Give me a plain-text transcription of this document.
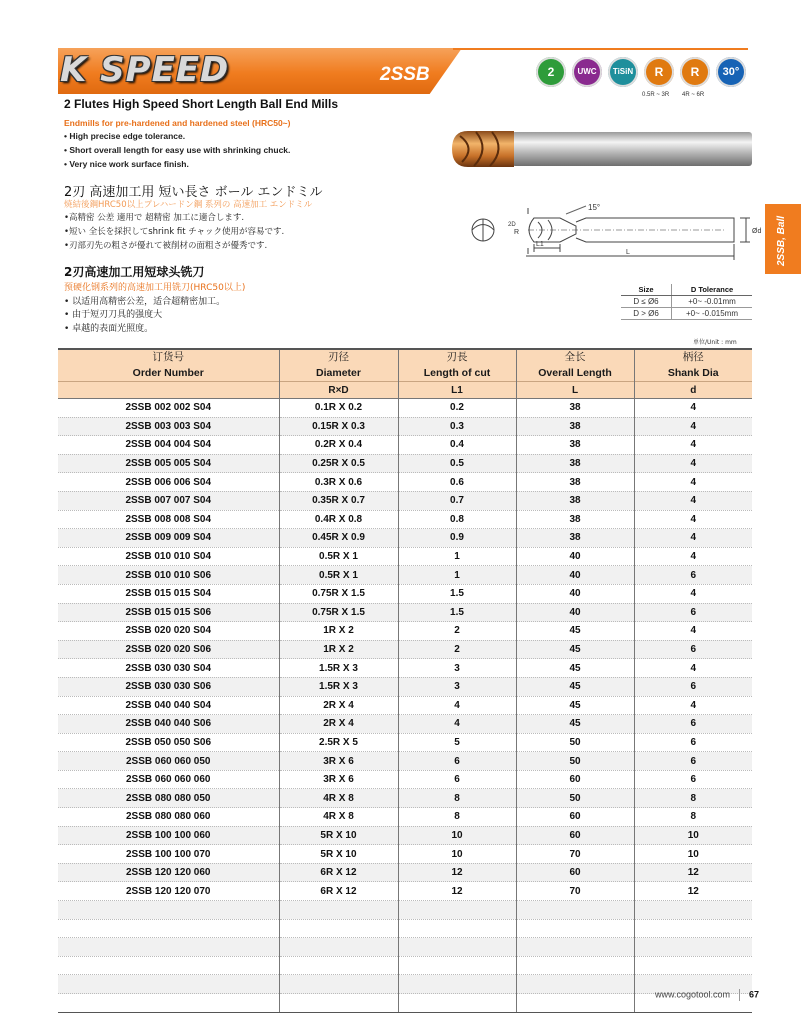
K SPEED	2SSB	2	UWC	TiSiN	R	R	30°
0.5R ~ 3R 4R ~ 6R
2 Flutes High Speed Short Length Ball End Mills
Endmills for pre-hardened and hardened steel (HRC50~)
• High precise edge tolerance.
• Short overall length for easy use with shrinking chuck.
• Very nice work surface finish.
2刃 高速加工用 短い長さ ボール エンドミル
焼結後鋼HRC50以上プレハードン鋼 系列の 高速加工 エンドミル
•高精密 公差 適用で 超精密 加工に適合します.
•短い 全长を採択してshrink fit チャック使用が容易です.
•刃部刃先の粗さが優れて被削材の面粗さが優秀です.
2刃高速加工用短球头铣刀
预硬化钢系列的高速加工用铣刀(HRC50以上)
• 以适用高精密公差，适合超精密加工。
• 由于短刃刀具的强度大
• 卓越的表面光照度。
15°
R
L1
L
Ød
2D	2SSB, Ball
Size	D Tolerance
D ≤ Ø6	+0~ -0.01mm
D > Ø6	+0~ -0.015mm
单位/Unit : mm
订货号	刃径	刃長	全长	柄径
Order Number	Diameter	Length of cut	Overall Length	Shank Dia
	R×D	L1	L	d
2SSB 002 002 S04	0.1R X 0.2	0.2	38	4
2SSB 003 003 S04	0.15R X 0.3	0.3	38	4
2SSB 004 004 S04	0.2R X 0.4	0.4	38	4
2SSB 005 005 S04	0.25R X 0.5	0.5	38	4
2SSB 006 006 S04	0.3R X 0.6	0.6	38	4
2SSB 007 007 S04	0.35R X 0.7	0.7	38	4
2SSB 008 008 S04	0.4R X 0.8	0.8	38	4
2SSB 009 009 S04	0.45R X 0.9	0.9	38	4
2SSB 010 010 S04	0.5R X 1	1	40	4
2SSB 010 010 S06	0.5R X 1	1	40	6
2SSB 015 015 S04	0.75R X 1.5	1.5	40	4
2SSB 015 015 S06	0.75R X 1.5	1.5	40	6
2SSB 020 020 S04	1R X 2	2	45	4
2SSB 020 020 S06	1R X 2	2	45	6
2SSB 030 030 S04	1.5R X 3	3	45	4
2SSB 030 030 S06	1.5R X 3	3	45	6
2SSB 040 040 S04	2R X 4	4	45	4
2SSB 040 040 S06	2R X 4	4	45	6
2SSB 050 050 S06	2.5R X 5	5	50	6
2SSB 060 060 050	3R X 6	6	50	6
2SSB 060 060 060	3R X 6	6	60	6
2SSB 080 080 050	4R X 8	8	50	8
2SSB 080 080 060	4R X 8	8	60	8
2SSB 100 100 060	5R X 10	10	60	10
2SSB 100 100 070	5R X 10	10	70	10
2SSB 120 120 060	6R X 12	12	60	12
2SSB 120 120 070	6R X 12	12	70	12

www.cogotool.com 67
